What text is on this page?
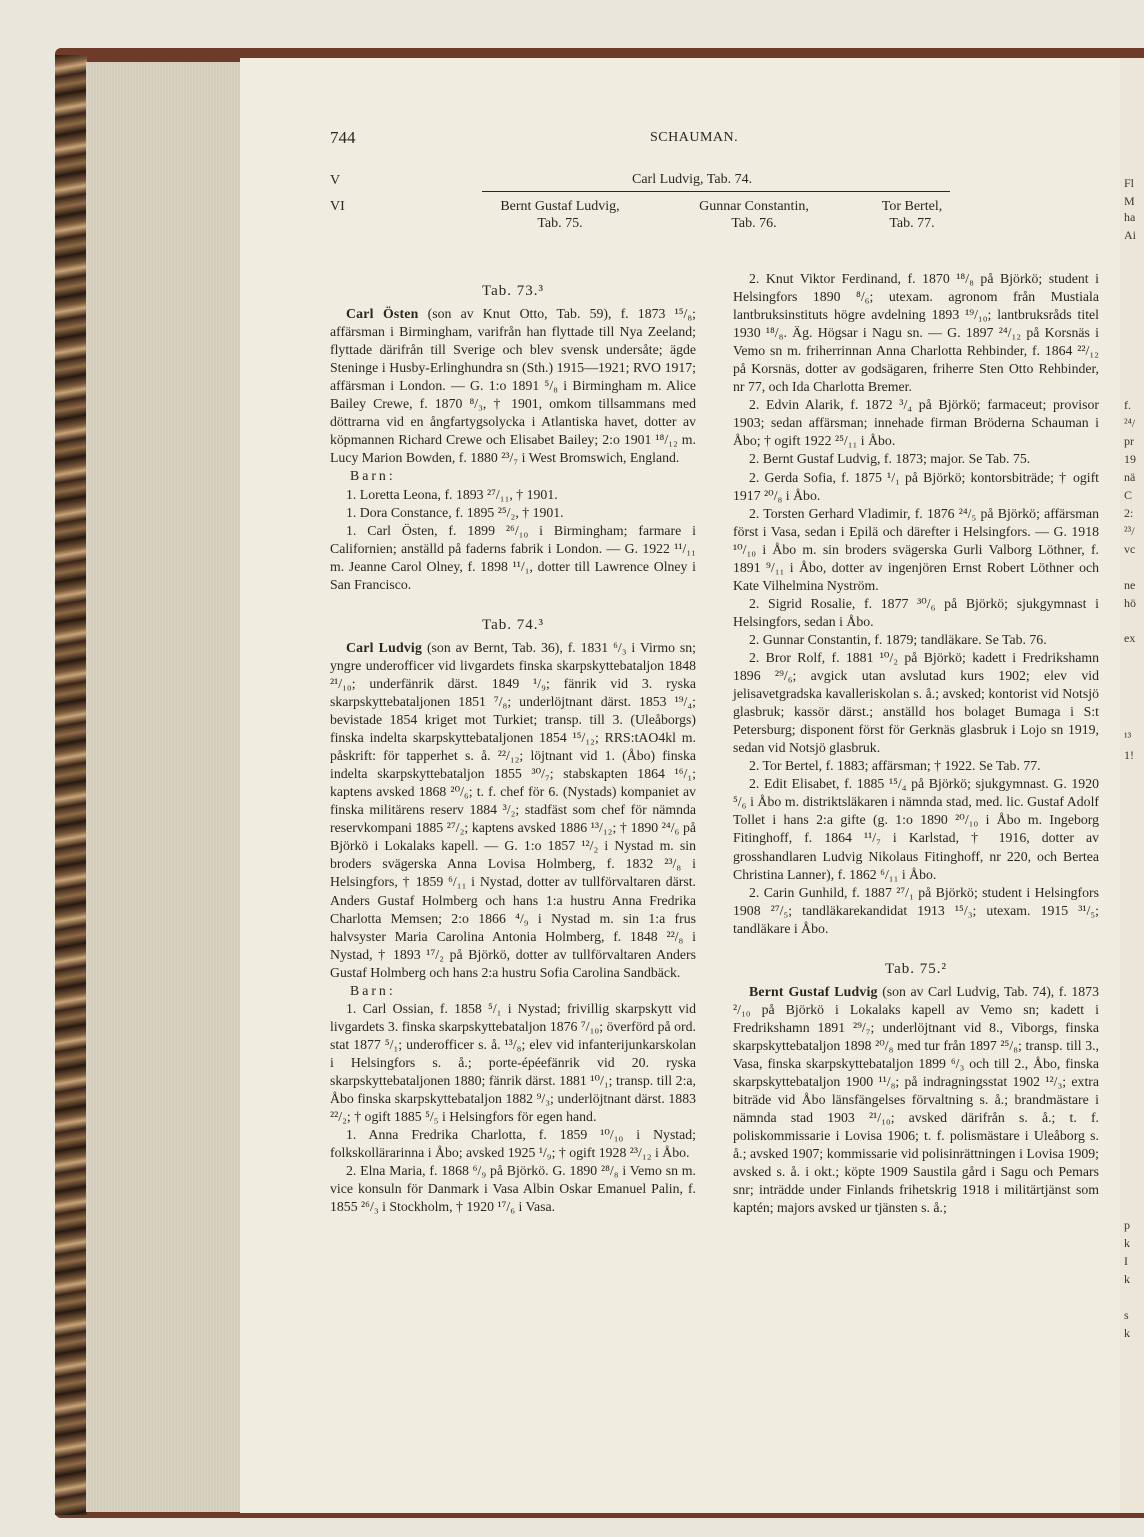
Fl
M
ha
Ai
f.
²⁴/
pr
19
nä
C
2:
²³/
vc
ne
hö
ex
¹³
1!
p
k
I
k
s
k
744	SCHAUMAN.
V
VI
Carl Ludvig, Tab. 74.
Bernt Gustaf Ludvig,
Tab. 75.
Gunnar Constantin,
Tab. 76.
Tor Bertel,
Tab. 77.
Tab. 73.³

Carl Östen (son av Knut Otto, Tab. 59), f. 1873 ¹⁵/₈; affärsman i Birmingham, varifrån han flyttade till Nya Zeeland; flyttade därifrån till Sverige och blev svensk undersåte; ägde Steninge i Husby-Erlinghundra sn (Sth.) 1915—1921; RVO 1917; affärsman i London. — G. 1:o 1891 ⁵/₈ i Birmingham m. Alice Bailey Crewe, f. 1870 ⁸/₃, † 1901, omkom tillsammans med döttrarna vid en ångfartygsolycka i Atlantiska havet, dotter av köpmannen Richard Crewe och Elisabet Bailey; 2:o 1901 ¹⁸/₁₂ m. Lucy Marion Bowden, f. 1880 ²³/₇ i West Bromswich, England.

Barn:

1. Loretta Leona, f. 1893 ²⁷/₁₁, † 1901.

1. Dora Constance, f. 1895 ²⁵/₂, † 1901.

1. Carl Östen, f. 1899 ²⁶/₁₀ i Birmingham; farmare i Californien; anställd på faderns fabrik i London. — G. 1922 ¹¹/₁₁ m. Jeanne Carol Olney, f. 1898 ¹¹/₁, dotter till Lawrence Olney i San Francisco.

Tab. 74.³

Carl Ludvig (son av Bernt, Tab. 36), f. 1831 ⁶/₃ i Virmo sn; yngre underofficer vid livgardets finska skarpskyttebataljon 1848 ²¹/₁₀; underfänrik därst. 1849 ¹/₉; fänrik vid 3. ryska skarpskyttebataljonen 1851 ⁷/₈; underlöjtnant därst. 1853 ¹⁹/₄; bevistade 1854 kriget mot Turkiet; transp. till 3. (Uleåborgs) finska indelta skarpskyttebataljonen 1854 ¹⁵/₁₂; RRS:tAO4kl m. påskrift: för tapperhet s. å. ²²/₁₂; löjtnant vid 1. (Åbo) finska indelta skarpskyttebataljon 1855 ³⁰/₇; stabskapten 1864 ¹⁶/₁; kaptens avsked 1868 ²⁰/₆; t. f. chef för 6. (Nystads) kompaniet av finska militärens reserv 1884 ³/₂; stadfäst som chef för nämnda reservkompani 1885 ²⁷/₂; kaptens avsked 1886 ¹³/₁₂; † 1890 ²⁴/₆ på Björkö i Lokalaks kapell. — G. 1:o 1857 ¹²/₂ i Nystad m. sin broders svägerska Anna Lovisa Holmberg, f. 1832 ²³/₈ i Helsingfors, † 1859 ⁶/₁₁ i Nystad, dotter av tullförvaltaren därst. Anders Gustaf Holmberg och hans 1:a hustru Anna Fredrika Charlotta Memsen; 2:o 1866 ⁴/₉ i Nystad m. sin 1:a frus halvsyster Maria Carolina Antonia Holmberg, f. 1848 ²²/₈ i Nystad, † 1893 ¹⁷/₂ på Björkö, dotter av tullförvaltaren Anders Gustaf Holmberg och hans 2:a hustru Sofia Carolina Sandbäck.

Barn:

1. Carl Ossian, f. 1858 ⁵/₁ i Nystad; frivillig skarpskytt vid livgardets 3. finska skarpskyttebataljon 1876 ⁷/₁₀; överförd på ord. stat 1877 ⁵/₁; underofficer s. å. ¹³/₈; elev vid infanterijunkarskolan i Helsingfors s. å.; porte-épéefänrik vid 20. ryska skarpskyttebataljonen 1880; fänrik därst. 1881 ¹⁰/₁; transp. till 2:a, Åbo finska skarpskyttebataljon 1882 ⁹/₃; underlöjtnant därst. 1883 ²²/₂; † ogift 1885 ⁵/₅ i Helsingfors för egen hand.

1. Anna Fredrika Charlotta, f. 1859 ¹⁰/₁₀ i Nystad; folkskollärarinna i Åbo; avsked 1925 ¹/₉; † ogift 1928 ²³/₁₂ i Åbo.

2. Elna Maria, f. 1868 ⁶/₉ på Björkö. G. 1890 ²⁸/₈ i Vemo sn m. vice konsuln för Danmark i Vasa Albin Oskar Emanuel Palin, f. 1855 ²⁶/₃ i Stockholm, † 1920 ¹⁷/₆ i Vasa.

2. Knut Viktor Ferdinand, f. 1870 ¹⁸/₈ på Björkö; student i Helsingfors 1890 ⁸/₆; utexam. agronom från Mustiala lantbruksinstituts högre avdelning 1893 ¹⁹/₁₀; lantbruksråds titel 1930 ¹⁸/₈. Äg. Högsar i Nagu sn. — G. 1897 ²⁴/₁₂ på Korsnäs i Vemo sn m. friherrinnan Anna Charlotta Rehbinder, f. 1864 ²²/₁₂ på Korsnäs, dotter av godsägaren, friherre Sten Otto Rehbinder, nr 77, och Ida Charlotta Bremer.

2. Edvin Alarik, f. 1872 ³/₄ på Björkö; farmaceut; provisor 1903; sedan affärsman; innehade firman Bröderna Schauman i Åbo; † ogift 1922 ²⁵/₁₁ i Åbo.

2. Bernt Gustaf Ludvig, f. 1873; major. Se Tab. 75.

2. Gerda Sofia, f. 1875 ¹/₁ på Björkö; kontorsbiträde; † ogift 1917 ²⁰/₈ i Åbo.

2. Torsten Gerhard Vladimir, f. 1876 ²⁴/₅ på Björkö; affärsman först i Vasa, sedan i Epilä och därefter i Helsingfors. — G. 1918 ¹⁰/₁₀ i Åbo m. sin broders svägerska Gurli Valborg Löthner, f. 1891 ⁹/₁₁ i Åbo, dotter av ingenjören Ernst Robert Löthner och Kate Vilhelmina Nyström.

2. Sigrid Rosalie, f. 1877 ³⁰/₆ på Björkö; sjukgymnast i Helsingfors, sedan i Åbo.

2. Gunnar Constantin, f. 1879; tandläkare. Se Tab. 76.

2. Bror Rolf, f. 1881 ¹⁰/₂ på Björkö; kadett i Fredrikshamn 1896 ²⁹/₆; avgick utan avslutad kurs 1902; elev vid jelisavetgradska kavalleriskolan s. å.; avsked; kontorist vid Notsjö glasbruk; kassör därst.; anställd hos bolaget Bumaga i S:t Petersburg; disponent först för Gerknäs glasbruk i Lojo sn 1919, sedan vid Notsjö glasbruk.

2. Tor Bertel, f. 1883; affärsman; † 1922. Se Tab. 77.

2. Edit Elisabet, f. 1885 ¹⁵/₄ på Björkö; sjukgymnast. G. 1920 ⁵/₆ i Åbo m. distriktsläkaren i nämnda stad, med. lic. Gustaf Adolf Tollet i hans 2:a gifte (g. 1:o 1890 ²⁰/₁₀ i Åbo m. Ingeborg Fitinghoff, f. 1864 ¹¹/₇ i Karlstad, † 1916, dotter av grosshandlaren Ludvig Nikolaus Fitinghoff, nr 220, och Bertea Christina Lanner), f. 1862 ⁶/₁₁ i Åbo.

2. Carin Gunhild, f. 1887 ²⁷/₁ på Björkö; student i Helsingfors 1908 ²⁷/₅; tandläkarekandidat 1913 ¹⁵/₃; utexam. 1915 ³¹/₅; tandläkare i Åbo.

Tab. 75.²

Bernt Gustaf Ludvig (son av Carl Ludvig, Tab. 74), f. 1873 ²/₁₀ på Björkö i Lokalaks kapell av Vemo sn; kadett i Fredrikshamn 1891 ²⁹/₇; underlöjtnant vid 8., Viborgs, finska skarpskyttebataljon 1898 ²⁰/₈ med tur från 1897 ²⁵/₈; transp. till 3., Vasa, finska skarpskyttebataljon 1899 ⁶/₃ och till 2., Åbo, finska skarpskyttebataljon 1900 ¹¹/₈; på indragningsstat 1902 ¹²/₃; extra biträde vid Åbo länsfängelses förvaltning s. å.; brandmästare i nämnda stad 1903 ²¹/₁₀; avsked därifrån s. å.; t. f. poliskommissarie i Lovisa 1906; t. f. polismästare i Uleåborg s. å.; avsked 1907; kommissarie vid polisinrättningen i Lovisa 1909; avsked s. å. i okt.; köpte 1909 Saustila gård i Sagu och Pemars snr; inträdde under Finlands frihetskrig 1918 i militärtjänst som kaptén; majors avsked ur tjänsten s. å.;
